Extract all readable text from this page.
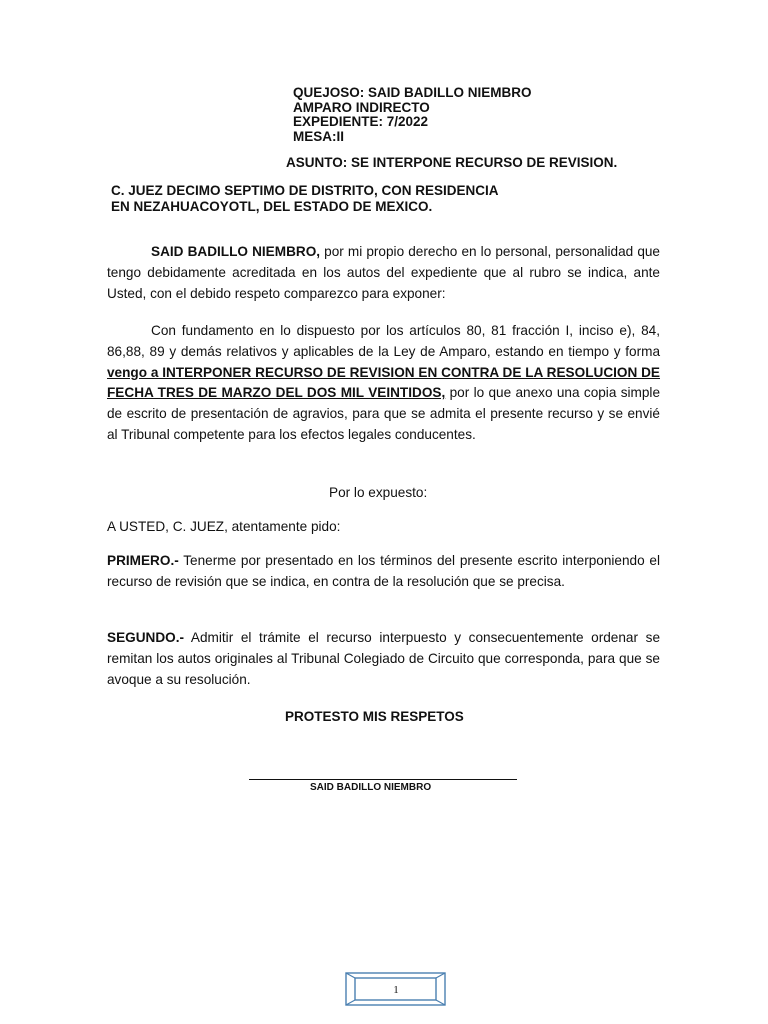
QUEJOSO: SAID BADILLO NIEMBRO
AMPARO INDIRECTO
EXPEDIENTE: 7/2022
MESA:II
ASUNTO: SE INTERPONE RECURSO DE REVISION.
C. JUEZ DECIMO SEPTIMO DE DISTRITO, CON RESIDENCIA
EN NEZAHUACOYOTL, DEL ESTADO DE MEXICO.
SAID BADILLO NIEMBRO, por mi propio derecho en lo personal, personalidad que tengo debidamente acreditada en los autos del expediente que al rubro se indica, ante Usted, con el debido respeto comparezco para exponer:
Con fundamento en lo dispuesto por los artículos 80, 81 fracción I, inciso e), 84, 86,88, 89 y demás relativos y aplicables de la Ley de Amparo, estando en tiempo y forma vengo a INTERPONER RECURSO DE REVISION EN CONTRA DE LA RESOLUCION DE FECHA TRES DE MARZO DEL DOS MIL VEINTIDOS, por lo que anexo una copia simple de escrito de presentación de agravios, para que se admita el presente recurso y se envié al Tribunal competente para los efectos legales conducentes.
Por lo expuesto:
A USTED, C. JUEZ, atentamente pido:
PRIMERO.- Tenerme por presentado en los términos del presente escrito interponiendo el recurso de revisión que se indica, en contra de la resolución que se precisa.
SEGUNDO.- Admitir el trámite el recurso interpuesto y consecuentemente ordenar se remitan los autos originales al Tribunal Colegiado de Circuito que corresponda, para que se avoque a su resolución.
PROTESTO MIS RESPETOS
SAID BADILLO NIEMBRO
1
